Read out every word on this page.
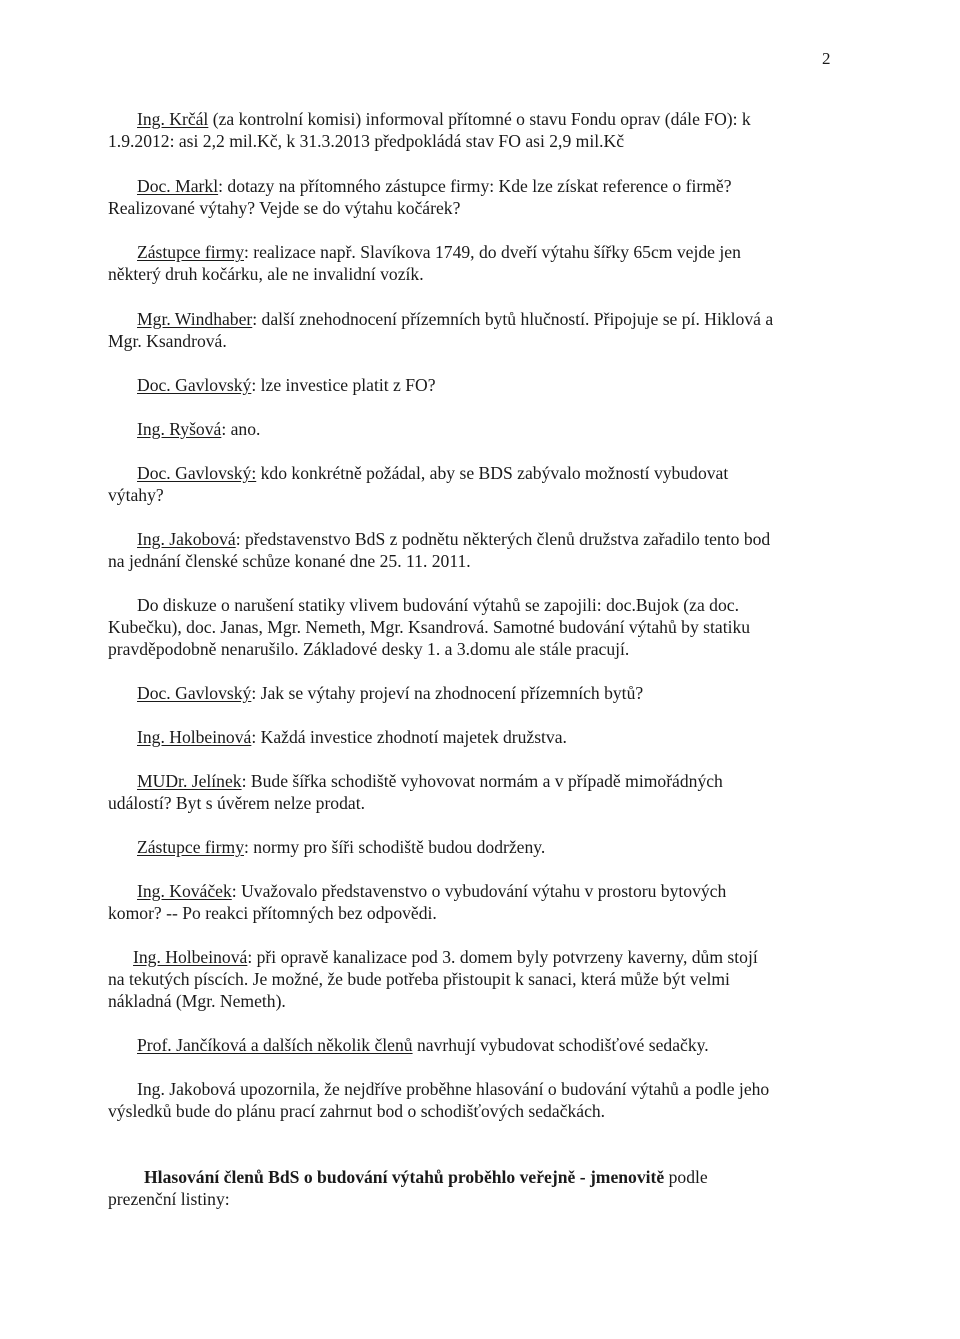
2

Ing. Krčál (za kontrolní komisi) informoval přítomné o stavu Fondu oprav (dále FO): k
1.9.2012: asi 2,2 mil.Kč, k 31.3.2013 předpokládá stav FO asi 2,9 mil.Kč

Doc. Markl: dotazy na přítomného zástupce firmy: Kde lze získat reference o firmě?
Realizované výtahy? Vejde se do výtahu kočárek?

Zástupce firmy: realizace např. Slavíkova 1749, do dveří výtahu šířky 65cm vejde jen
některý druh kočárku, ale ne invalidní vozík.

Mgr. Windhaber: další znehodnocení přízemních bytů hlučností. Připojuje se pí. Hiklová a
Mgr. Ksandrová.

Doc. Gavlovský: lze investice platit z FO?

Ing. Ryšová: ano.

Doc. Gavlovský: kdo konkrétně požádal, aby se BDS zabývalo možností vybudovat
výtahy?

Ing. Jakobová: představenstvo BdS z podnětu některých členů družstva zařadilo tento bod
na jednání členské schůze konané dne 25. 11. 2011.

Do diskuze o narušení statiky vlivem budování výtahů se zapojili: doc.Bujok (za doc.
Kubečku), doc. Janas, Mgr. Nemeth, Mgr. Ksandrová. Samotné budování výtahů by statiku
pravděpodobně nenarušilo. Základové desky 1. a 3.domu ale stále pracují.

Doc. Gavlovský: Jak se výtahy projeví na zhodnocení přízemních bytů?

Ing. Holbeinová: Každá investice zhodnotí majetek družstva.

MUDr. Jelínek: Bude šířka schodiště vyhovovat normám a v případě mimořádných
událostí? Byt s úvěrem nelze prodat.

Zástupce firmy: normy pro šíři schodiště budou dodrženy.

Ing. Kováček: Uvažovalo představenstvo o vybudování výtahu v prostoru bytových
komor? -- Po reakci přítomných bez odpovědi.

Ing. Holbeinová: při opravě kanalizace pod 3. domem byly potvrzeny kaverny, dům stojí
na tekutých píscích. Je možné, že bude potřeba přistoupit k sanaci, která může být velmi
nákladná (Mgr. Nemeth).

Prof. Jančíková a dalších několik členů navrhují vybudovat schodišťové sedačky.

Ing. Jakobová upozornila, že nejdříve proběhne hlasování o budování výtahů a podle jeho
výsledků bude do plánu prací zahrnut bod o schodišťových sedačkách.

Hlasování členů BdS o budování výtahů proběhlo veřejně - jmenovitě podle
prezenční listiny:
